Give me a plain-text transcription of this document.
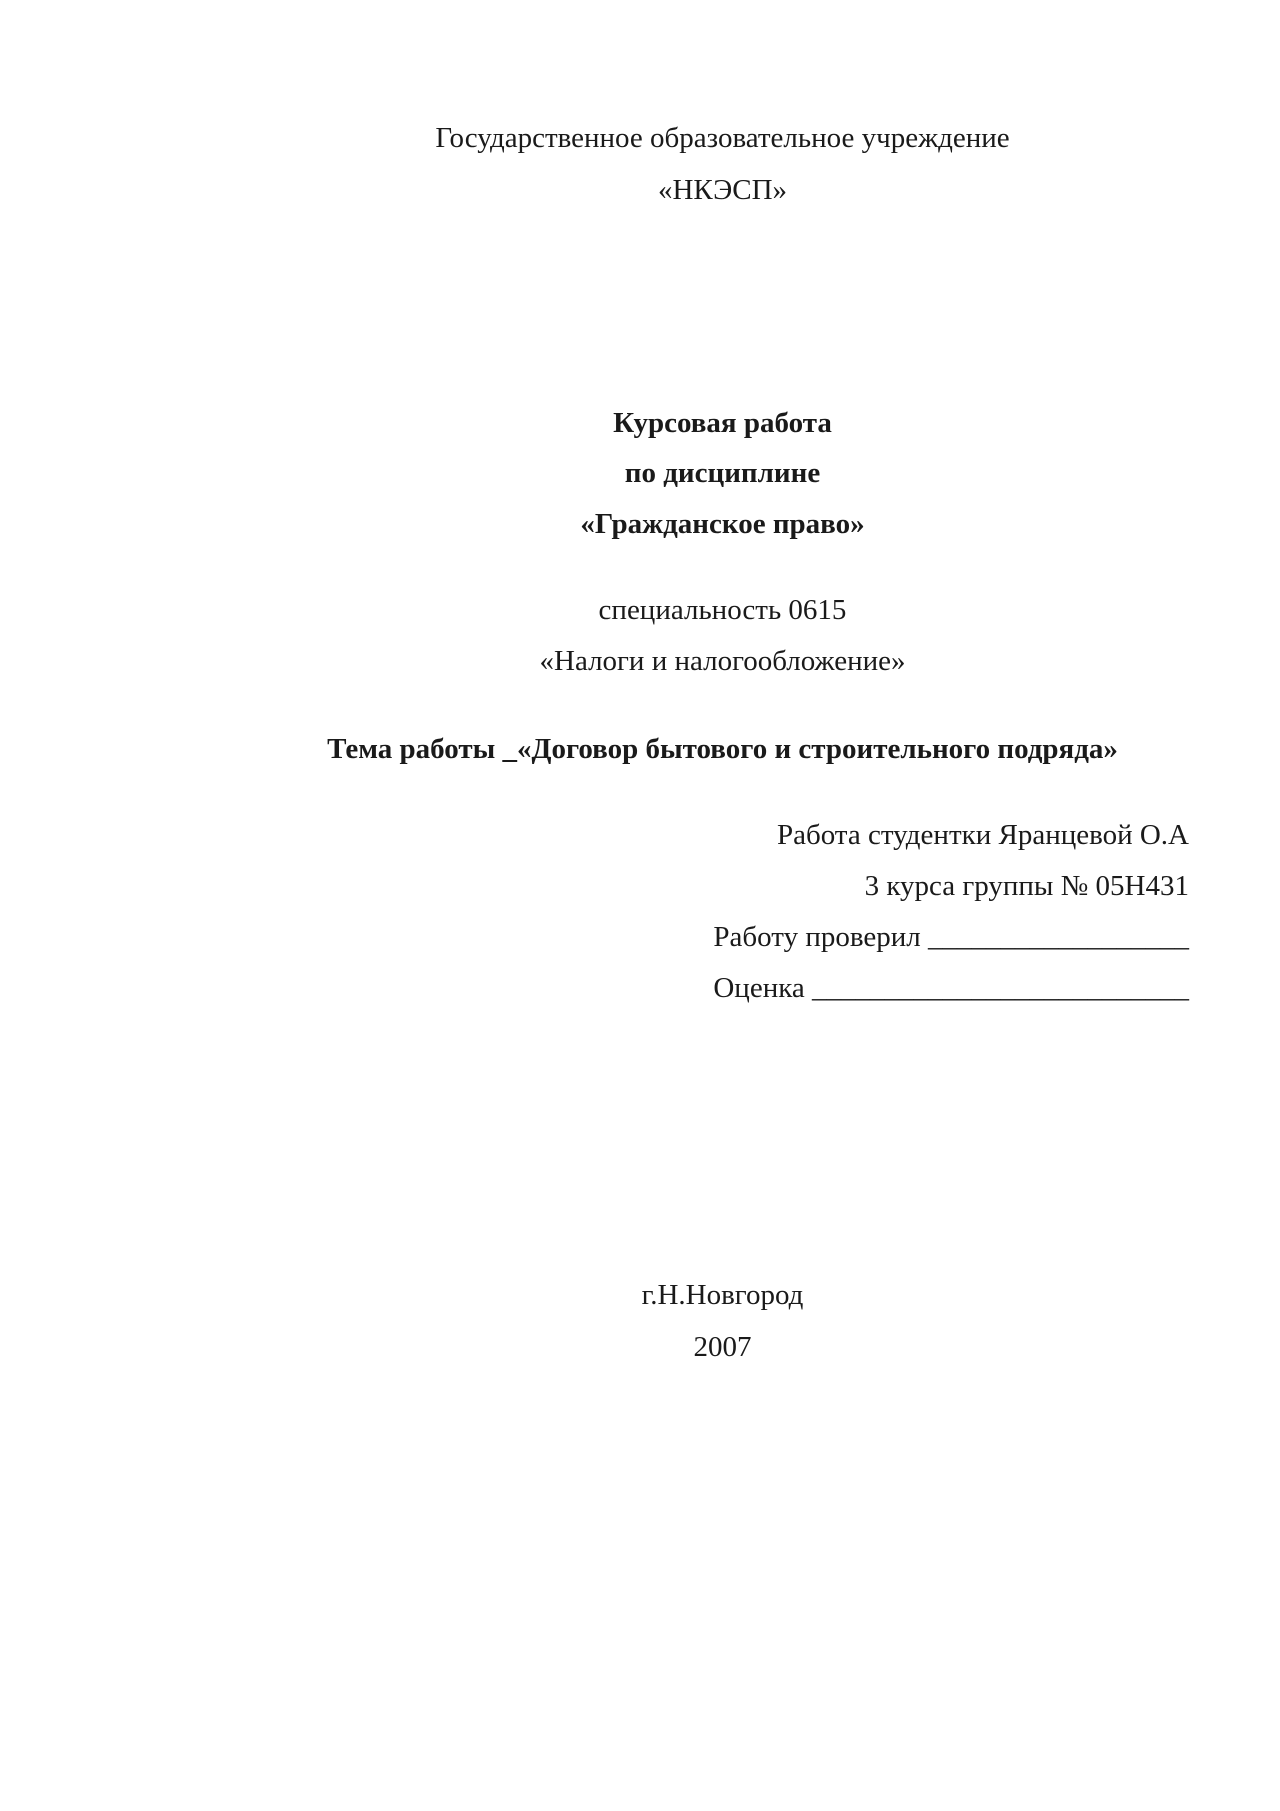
Государственное образовательное учреждение
«НКЭСП»
Курсовая работа
по дисциплине
«Гражданское право»
специальность 0615
«Налоги и налогообложение»
Тема работы _«Договор бытового и строительного подряда»
Работа студентки Яранцевой О.А
3 курса группы № 05Н431
Работу проверил __________________
Оценка __________________________
г.Н.Новгород
2007
